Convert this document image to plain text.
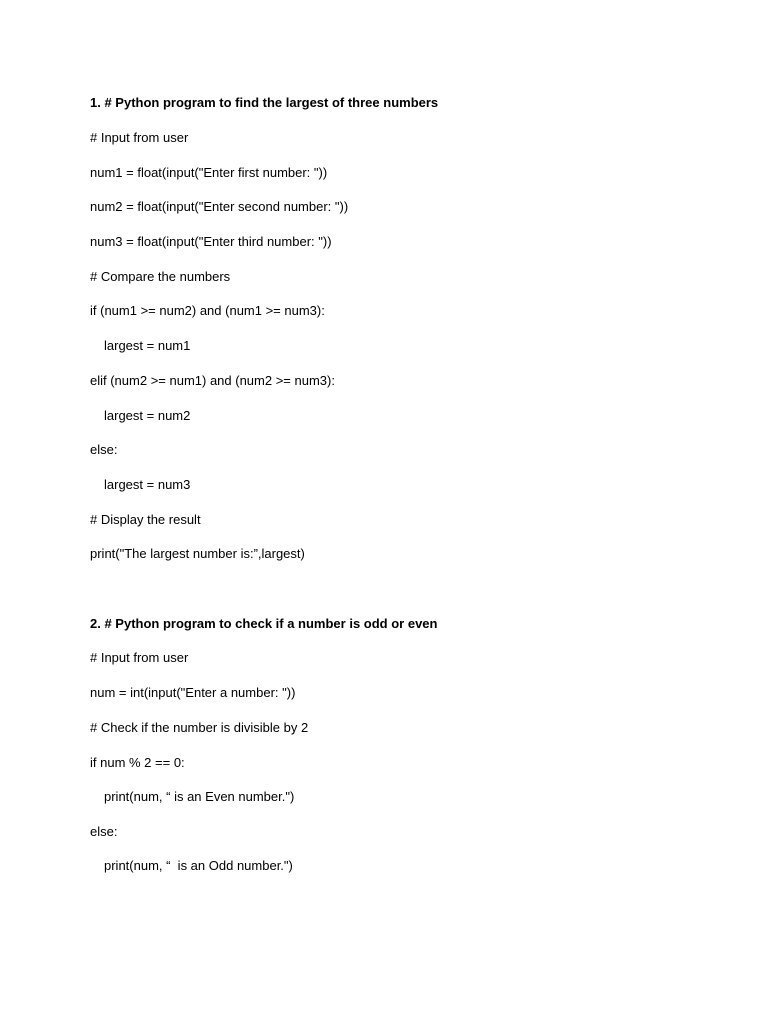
1. # Python program to find the largest of three numbers
# Input from user
num1 = float(input("Enter first number: "))
num2 = float(input("Enter second number: "))
num3 = float(input("Enter third number: "))
# Compare the numbers
if (num1 >= num2) and (num1 >= num3):
largest = num1
elif (num2 >= num1) and (num2 >= num3):
largest = num2
else:
largest = num3
# Display the result
print("The largest number is:”,largest)
2. # Python program to check if a number is odd or even
# Input from user
num = int(input("Enter a number: "))
# Check if the number is divisible by 2
if num % 2 == 0:
print(num, “ is an Even number.")
else:
print(num, “  is an Odd number.")
